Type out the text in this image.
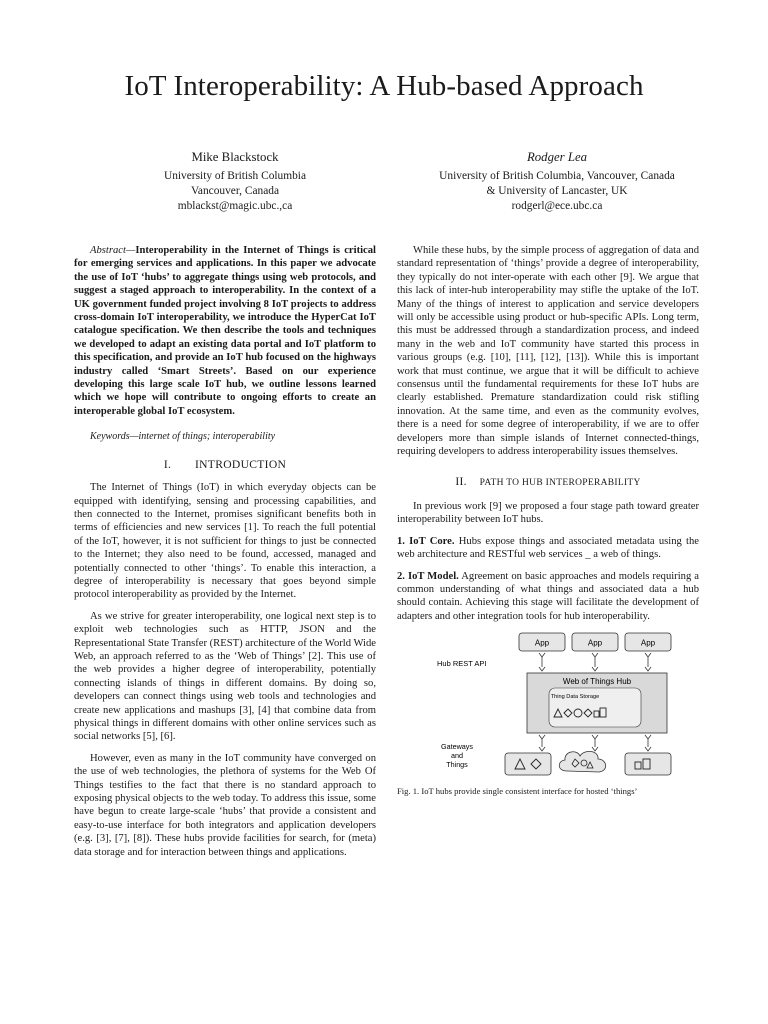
IoT Interoperability: A Hub-based Approach
Mike Blackstock
University of British Columbia
Vancouver, Canada
mblackst@magic.ubc.,ca
Rodger Lea
University of British Columbia, Vancouver, Canada
& University of Lancaster, UK
rodgerl@ece.ubc.ca

Abstract—Interoperability in the Internet of Things is critical for emerging services and applications. In this paper we advocate the use of IoT ‘hubs’ to aggregate things using web protocols, and suggest a staged approach to interoperability. In the context of a UK government funded project involving 8 IoT projects to address cross-domain IoT interoperability, we introduce the HyperCat IoT catalogue specification. We then describe the tools and techniques we developed to adapt an existing data portal and IoT platform to this specification, and provide an IoT hub focused on the highways industry called ‘Smart Streets’. Based on our experience developing this large scale IoT hub, we outline lessons learned which we hope will contribute to ongoing efforts to create an interoperable global IoT ecosystem.

Keywords—internet of things; interoperability
I.  INTRODUCTION

The Internet of Things (IoT) in which everyday objects can be equipped with identifying, sensing and processing capabilities, and then connected to the Internet, promises significant benefits both in terms of efficiencies and new services [1]. To reach the full potential of the IoT, however, it is not sufficient for things to just be connected to the Internet; they also need to be found, accessed, managed and potentially connected to other ‘things’. To enable this interaction, a degree of interoperability is necessary that goes beyond simple protocol interoperability as provided by the Internet.

As we strive for greater interoperability, one logical next step is to exploit web technologies such as HTTP, JSON and the Representational State Transfer (REST) architecture of the World Wide Web, an approach referred to as the ‘Web of Things’ [2]. This use of the web provides a higher degree of interoperability, potentially connecting islands of things in different domains. By doing so, developers can connect things using web tools and technologies and create new applications and mashups [3], [4] that combine data from physical things in different domains with other online services such as social networks [5], [6].

However, even as many in the IoT community have converged on the use of web technologies, the plethora of systems for the Web Of Things testifies to the fact that there is no standard approach to exposing physical objects to the web today. To address this issue, some have begun to create large-scale ‘hubs’ that provide a consistent and easy-to-use interface for both integrators and application developers (e.g. [3], [7], [8]). These hubs provide facilities for search, for (meta) data storage and for interaction between things and applications.

While these hubs, by the simple process of aggregation of data and standard representation of ‘things’ provide a degree of interoperability, they typically do not inter-operate with each other [9]. We argue that this lack of inter-hub interoperability may stifle the uptake of the IoT. Many of the things of interest to application and service developers will only be accessible using product or hub-specific APIs. Long term, this must be addressed through a standardization process, and indeed many in the web and IoT community have started this process in various groups (e.g. [10], [11], [12], [13]). While this is important work that must continue, we argue that it will be difficult to achieve consensus until the fundamental requirements for these IoT hubs are clearly established. Premature standardization could risk stifling innovation. At the same time, and even as the community evolves, there is a need for some degree of interoperability, if we are to offer developers more than simple islands of Internet connected-things, requiring developers to address interoperability issues themselves.

II. PATH TO HUB INTEROPERABILITY

In previous work [9] we proposed a four stage path toward greater interoperability between IoT hubs.

1. IoT Core. Hubs expose things and associated metadata using the web architecture and RESTful web services _ a web of things.

2. IoT Model. Agreement on basic approaches and models requiring a common understanding of what things and associated data a hub should contain. Achieving this stage will facilitate the development of adapters and other integration tools for hub interoperability.

App	App	App
Hub REST API
Web of Things Hub
Thing Data Storage
Gateways
and
Things
Fig. 1. IoT hubs provide single consistent interface for hosted ‘things’
